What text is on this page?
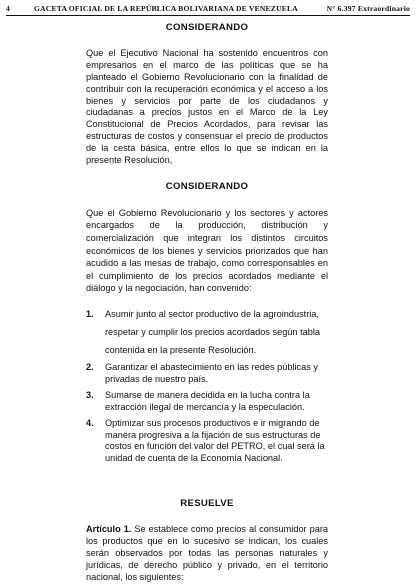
4	GACETA OFICIAL DE LA REPÚBLICA BOLIVARIANA DE VENEZUELA	N° 6.397 Extraordinario
CONSIDERANDO

Que el Ejecutivo Nacional ha sostenido encuentros con empresarios en el marco de las políticas que se ha planteado el Gobierno Revolucionario con la finalidad de contribuir con la recuperación económica y el acceso a los bienes y servicios por parte de los ciudadanos y ciudadanas a precios justos en el Marco de la Ley Constitucional de Precios Acordados, para revisar las estructuras de costos y consensuar el precio de productos de la cesta básica, entre ellos lo que se indican en la presente Resolución,

CONSIDERANDO

Que el Gobierno Revolucionario y los sectores y actores encargados de la producción, distribución y comercialización que integran los distintos circuitos económicos de los bienes y servicios priorizados que han acudido a las mesas de trabajo, como corresponsables en el cumplimiento de los precios acordados mediante el diálogo y la negociación, han convenido:

1. Asumir junto al sector productivo de la agroindustria, respetar y cumplir los precios acordados según tabla contenida en la presente Resolución.
2. Garantizar el abastecimiento en las redes públicas y privadas de nuestro país.
3. Sumarse de manera decidida en la lucha contra la extracción ilegal de mercancía y la especulación.
4. Optimizar sus procesos productivos e ir migrando de manera progresiva a la fijación de sus estructuras de costos en función del valor del PETRO, el cual será la unidad de cuenta de la Economía Nacional.
RESUELVE

Artículo 1. Se establece como precios al consumidor para los productos que en lo sucesivo se indican, los cuales serán observados por todas las personas naturales y jurídicas, de derecho público y privado, en el territorio nacional, los siguientes:
